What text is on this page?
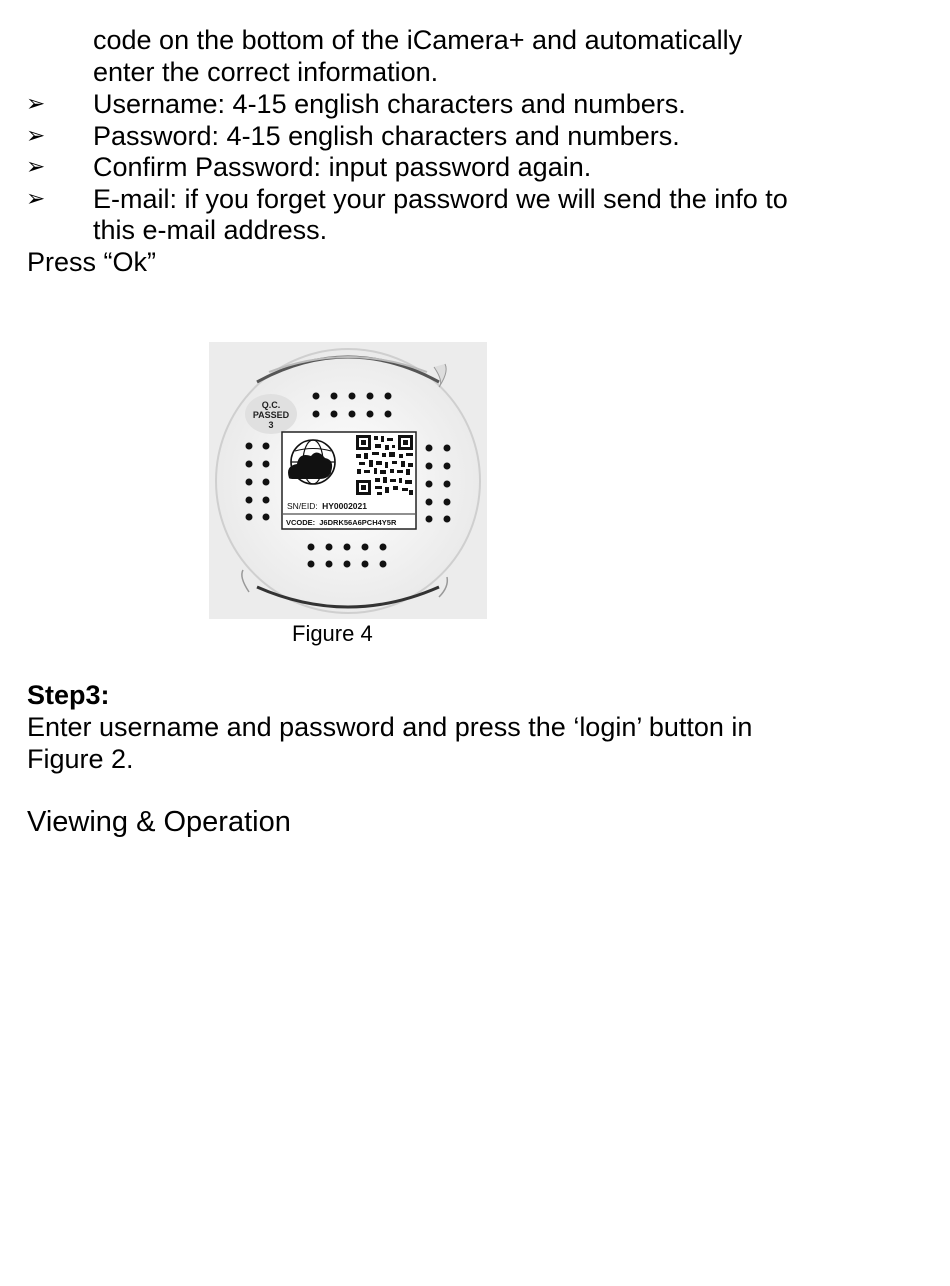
code on the bottom of the iCamera+ and automatically
enter the correct information.
➢ Username: 4-15 english characters and numbers.
➢ Password: 4-15 english characters and numbers.
➢ Confirm Password: input password again.
➢ E-mail: if you forget your password we will send the info to
this e-mail address.
Press “Ok”
SN/EID: HY0002021
VCODE: J6DRK56A6PCH4Y5R
Q.C.
PASSED
3
Figure 4
Step3:
Enter username and password and press the ‘login’ button in
Figure 2.
Viewing & Operation
